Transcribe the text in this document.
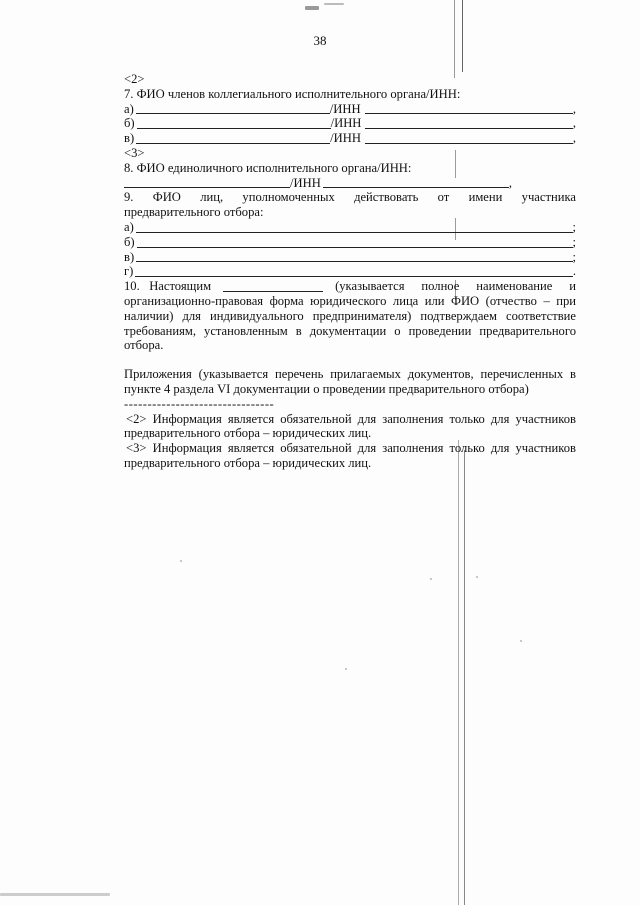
38
<2>
7. ФИО членов коллегиального исполнительного органа/ИНН:
а)	/ИНН	,
б)	/ИНН	,
в)	/ИНН	,
<3>
8. ФИО единоличного исполнительного органа/ИНН:
/ИНН	,
9. ФИО лиц, уполномоченных действовать от имени участника
предварительного отбора:
а)	;
б)	;
в)	;
г)	.
10.   Настоящим	(указывается полное наименование и
организационно-правовая форма юридического лица или ФИО (отчество – при наличии) для индивидуального предпринимателя) подтверждаем соответствие требованиям, установленным в документации о проведении предварительного отбора.
Приложения (указывается перечень прилагаемых документов, перечисленных в пункте 4 раздела VI документации о проведении предварительного отбора)
--------------------------------
<2> Информация является обязательной для заполнения только для участников предварительного отбора – юридических лиц.
<3> Информация является обязательной для заполнения только для участников предварительного отбора – юридических лиц.
